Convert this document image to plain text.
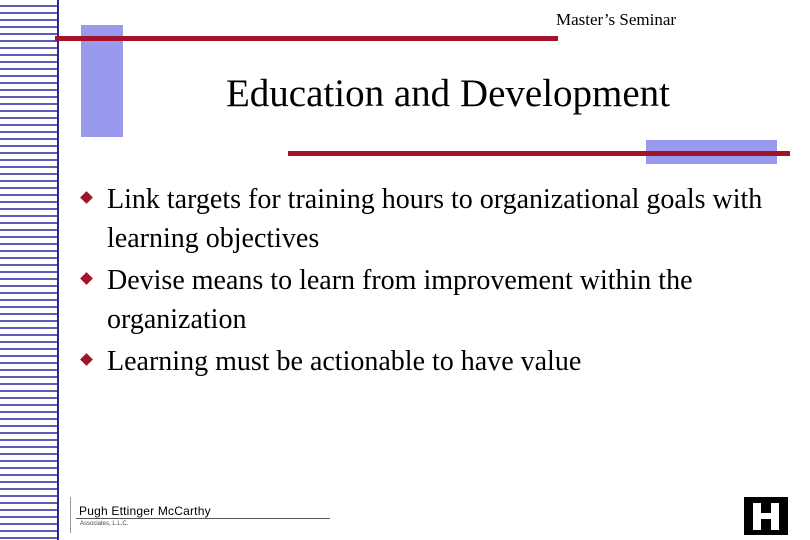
Master’s Seminar
Education and Development
Link targets for training hours to organizational goals with learning objectives
Devise means to learn from improvement within the organization
Learning must be actionable to have value
Pugh Ettinger McCarthy
Associates, L.L.C.
